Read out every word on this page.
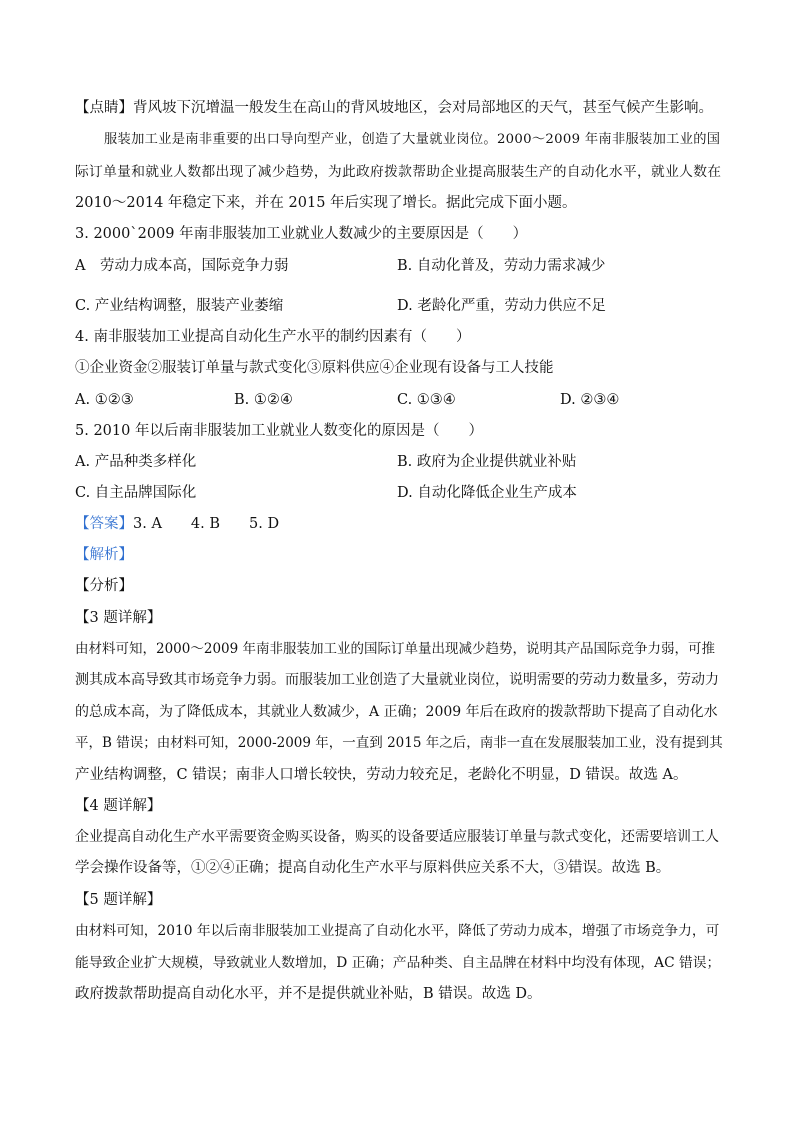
【点睛】背风坡下沉增温一般发生在高山的背风坡地区，会对局部地区的天气，甚至气候产生影响。
服装加工业是南非重要的出口导向型产业，创造了大量就业岗位。2000～2009 年南非服装加工业的国
际订单量和就业人数都出现了减少趋势，为此政府拨款帮助企业提高服装生产的自动化水平，就业人数在
2010～2014 年稳定下来，并在 2015 年后实现了增长。据此完成下面小题。
3. 2000`2009 年南非服装加工业就业人数减少的主要原因是（　　）
A　劳动力成本高，国际竞争力弱	B. 自动化普及，劳动力需求减少
C. 产业结构调整，服装产业萎缩	D. 老龄化严重，劳动力供应不足
4. 南非服装加工业提高自动化生产水平的制约因素有（　　）
①企业资金②服装订单量与款式变化③原料供应④企业现有设备与工人技能
A. ①②③	B. ①②④	C. ①③④	D. ②③④
5. 2010 年以后南非服装加工业就业人数变化的原因是（　　）
A. 产品种类多样化	B. 政府为企业提供就业补贴
C. 自主品牌国际化	D. 自动化降低企业生产成本
【答案】3. A　　4. B　　5. D
【解析】
【分析】
【3 题详解】
由材料可知，2000～2009 年南非服装加工业的国际订单量出现减少趋势，说明其产品国际竞争力弱，可推
测其成本高导致其市场竞争力弱。而服装加工业创造了大量就业岗位，说明需要的劳动力数量多，劳动力
的总成本高，为了降低成本，其就业人数减少，A 正确；2009 年后在政府的拨款帮助下提高了自动化水
平，B 错误；由材料可知，2000-2009 年，一直到 2015 年之后，南非一直在发展服装加工业，没有提到其
产业结构调整，C 错误；南非人口增长较快，劳动力较充足，老龄化不明显，D 错误。故选 A。
【4 题详解】
企业提高自动化生产水平需要资金购买设备，购买的设备要适应服装订单量与款式变化，还需要培训工人
学会操作设备等，①②④正确；提高自动化生产水平与原料供应关系不大，③错误。故选 B。
【5 题详解】
由材料可知，2010 年以后南非服装加工业提高了自动化水平，降低了劳动力成本，增强了市场竞争力，可
能导致企业扩大规模，导致就业人数增加，D 正确；产品种类、自主品牌在材料中均没有体现，AC 错误；
政府拨款帮助提高自动化水平，并不是提供就业补贴，B 错误。故选 D。
